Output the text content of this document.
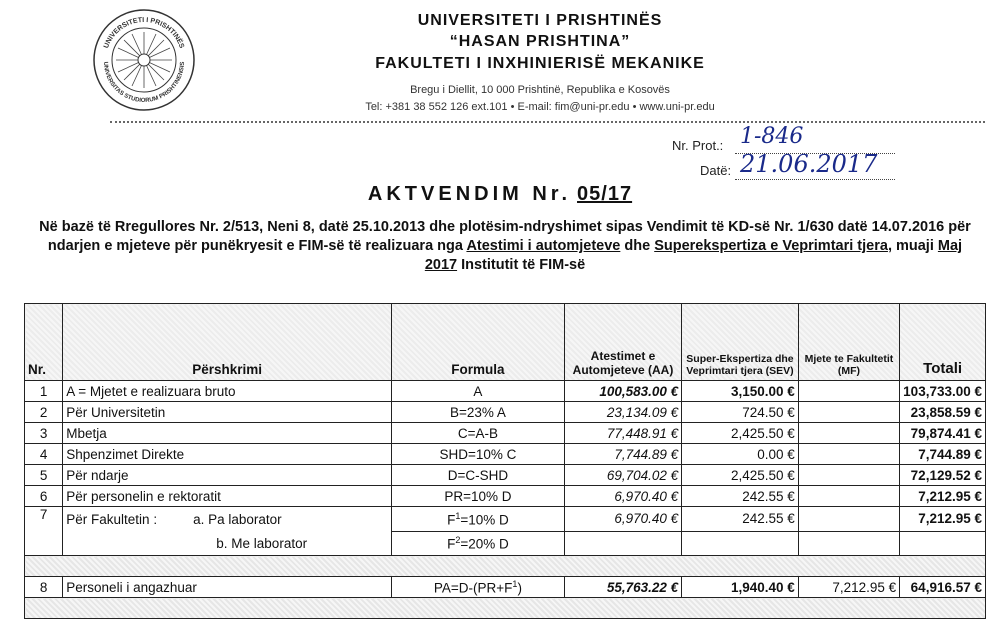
UNIVERSITETI I PRISHTINËS
UNIVERSITAS STUDIORUM PRISHTINENSIS
UNIVERSITETI I PRISHTINËS
“HASAN PRISHTINA”
FAKULTETI I INXHINIERISË MEKANIKE
Bregu i Diellit, 10 000 Prishtinë, Republika e Kosovës
Tel: +381 38 552 126 ext.101 • E-mail: fim@uni-pr.edu • www.uni-pr.edu
Nr. Prot.: 1-846
Datë: 21.06.2017
AKTVENDIM Nr. 05/17
Në bazë të Rregullores Nr. 2/513, Neni 8, datë 25.10.2013 dhe plotësim-ndryshimet sipas Vendimit të KD-së Nr. 1/630 datë 14.07.2016 për ndarjen e mjeteve për punëkryesit e FIM-së të realizuara nga Atestimi i automjeteve dhe Superekspertiza e Veprimtari tjera, muaji Maj 2017 Institutit të FIM-së
Nr.	Përshkrimi	Formula	Atestimet e Automjeteve (AA)	Super-Ekspertiza dhe Veprimtari tjera (SEV)	Mjete te Fakultetit (MF)	Totali
1	A = Mjetet e realizuara bruto	A	100,583.00 €	3,150.00 €		103,733.00 €
2	Për Universitetin	B=23% A	23,134.09 €	724.50 €		23,858.59 €
3	Mbetja	C=A-B	77,448.91 €	2,425.50 €		79,874.41 €
4	Shpenzimet Direkte	SHD=10% C	7,744.89 €	0.00 €		7,744.89 €
5	Për ndarje	D=C-SHD	69,704.02 €	2,425.50 €		72,129.52 €
6	Për personelin e rektoratit	PR=10% D	6,970.40 €	242.55 €		7,212.95 €
7	Për Fakultetin : a. Pa laborator	$F^1=10\%$ D	6,970.40 €	242.55 €		7,212.95 €
	b. Me laborator	$F^2=20\%$ D				

8	Personeli i angazhuar	$PA=D-(PR+F^1)$	55,763.22 €	1,940.40 €	7,212.95 €	64,916.57 €
